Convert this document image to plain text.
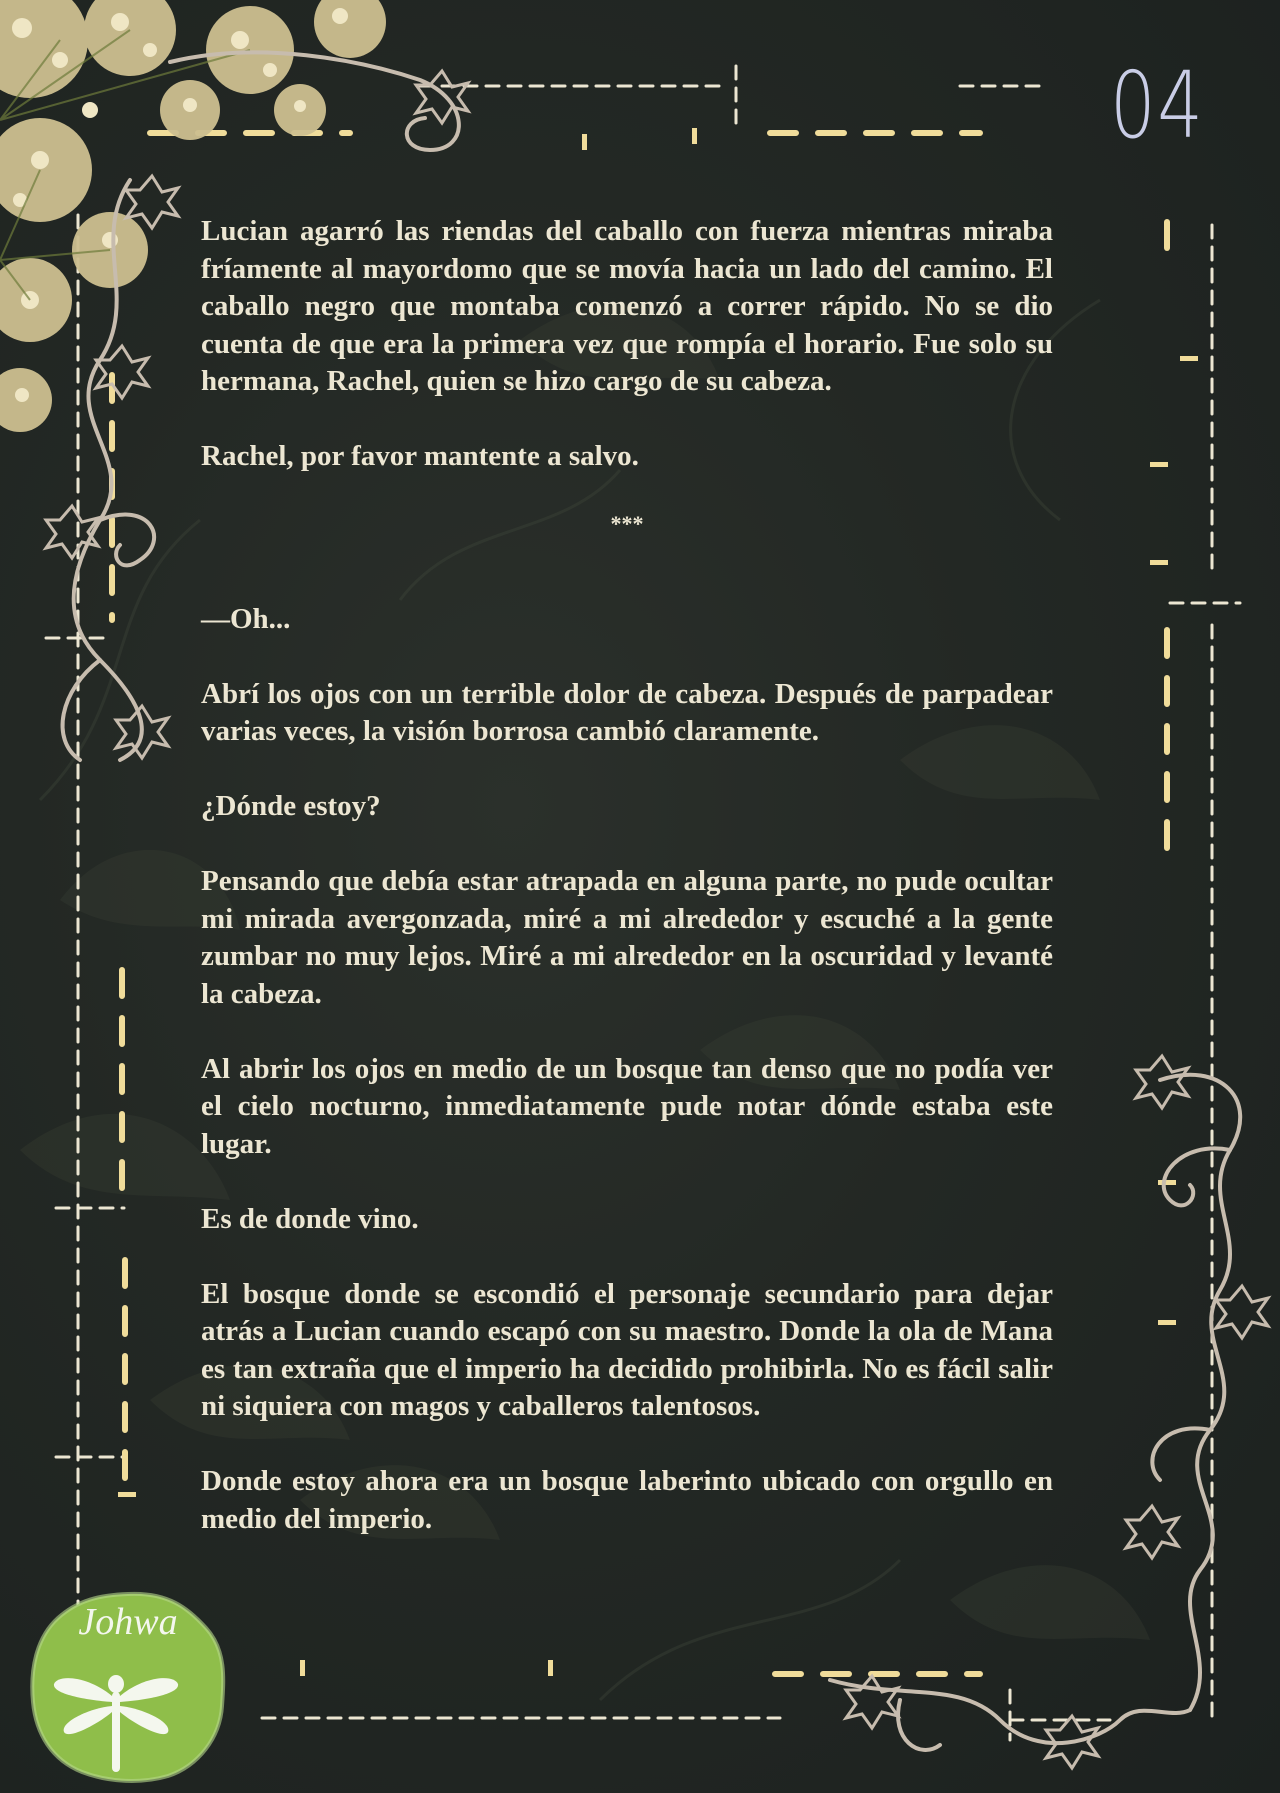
04

Lucian agarró las riendas del caballo con fuerza mientras miraba fríamente al mayordomo que se movía hacia un lado del camino. El caballo negro que montaba comenzó a correr rápido. No se dio cuenta de que era la primera vez que rompía el horario. Fue solo su hermana, Rachel, quien se hizo cargo de su cabeza.

Rachel, por favor mantente a salvo.

***

—Oh...

Abrí los ojos con un terrible dolor de cabeza. Después de parpadear varias veces, la visión borrosa cambió claramente.

¿Dónde estoy?

Pensando que debía estar atrapada en alguna parte, no pude ocultar mi mirada avergonzada, miré a mi alrededor y escuché a la gente zumbar no muy lejos. Miré a mi alrededor en la oscuridad y levanté la cabeza.

Al abrir los ojos en medio de un bosque tan denso que no podía ver el cielo nocturno, inmediatamente pude notar dónde estaba este lugar.

Es de donde vino.

El bosque donde se escondió el personaje secundario para dejar atrás a Lucian cuando escapó con su maestro. Donde la ola de Mana es tan extraña que el imperio ha decidido prohibirla. No es fácil salir ni siquiera con magos y caballeros talentosos.

Donde estoy ahora era un bosque laberinto ubicado con orgullo en medio del imperio.

Johwa
